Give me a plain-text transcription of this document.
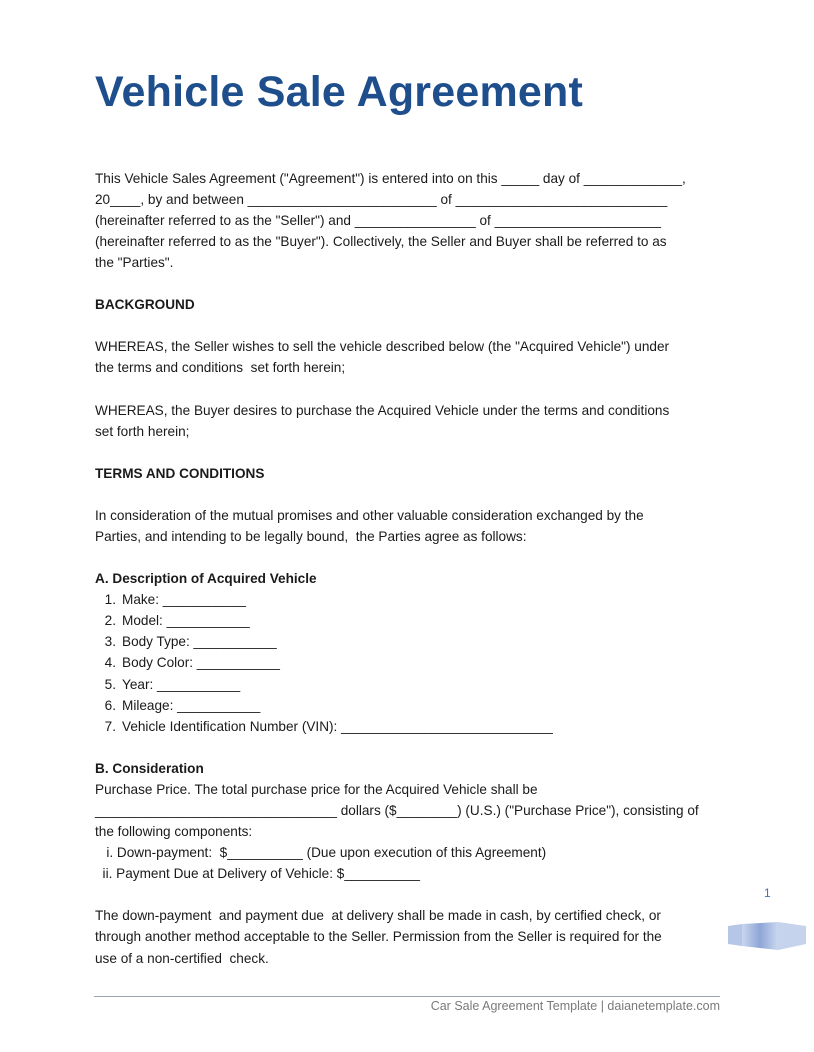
Vehicle Sale Agreement
This Vehicle Sales Agreement ("Agreement") is entered into on this _____ day of _____________,
20____, by and between _________________________ of ____________________________
(hereinafter referred to as the "Seller") and ________________ of ______________________
(hereinafter referred to as the "Buyer"). Collectively, the Seller and Buyer shall be referred to as
the "Parties".
BACKGROUND
WHEREAS, the Seller wishes to sell the vehicle described below (the "Acquired Vehicle") under
the terms and conditions  set forth herein;
WHEREAS, the Buyer desires to purchase the Acquired Vehicle under the terms and conditions
set forth herein;
TERMS AND CONDITIONS
In consideration of the mutual promises and other valuable consideration exchanged by the
Parties, and intending to be legally bound,  the Parties agree as follows:
A. Description of Acquired Vehicle
1. Make: ___________
2. Model: ___________
3. Body Type: ___________
4. Body Color: ___________
5. Year: ___________
6. Mileage: ___________
7. Vehicle Identification Number (VIN): ____________________________
B. Consideration
Purchase Price. The total purchase price for the Acquired Vehicle shall be
________________________________ dollars ($________) (U.S.) ("Purchase Price"), consisting of
the following components:
i. Down-payment:  $__________ (Due upon execution of this Agreement)
ii. Payment Due at Delivery of Vehicle: $__________
The down-payment  and payment due  at delivery shall be made in cash, by certified check, or
through another method acceptable to the Seller. Permission from the Seller is required for the
use of a non-certified  check.
1
Car Sale Agreement Template | daianetemplate.com
